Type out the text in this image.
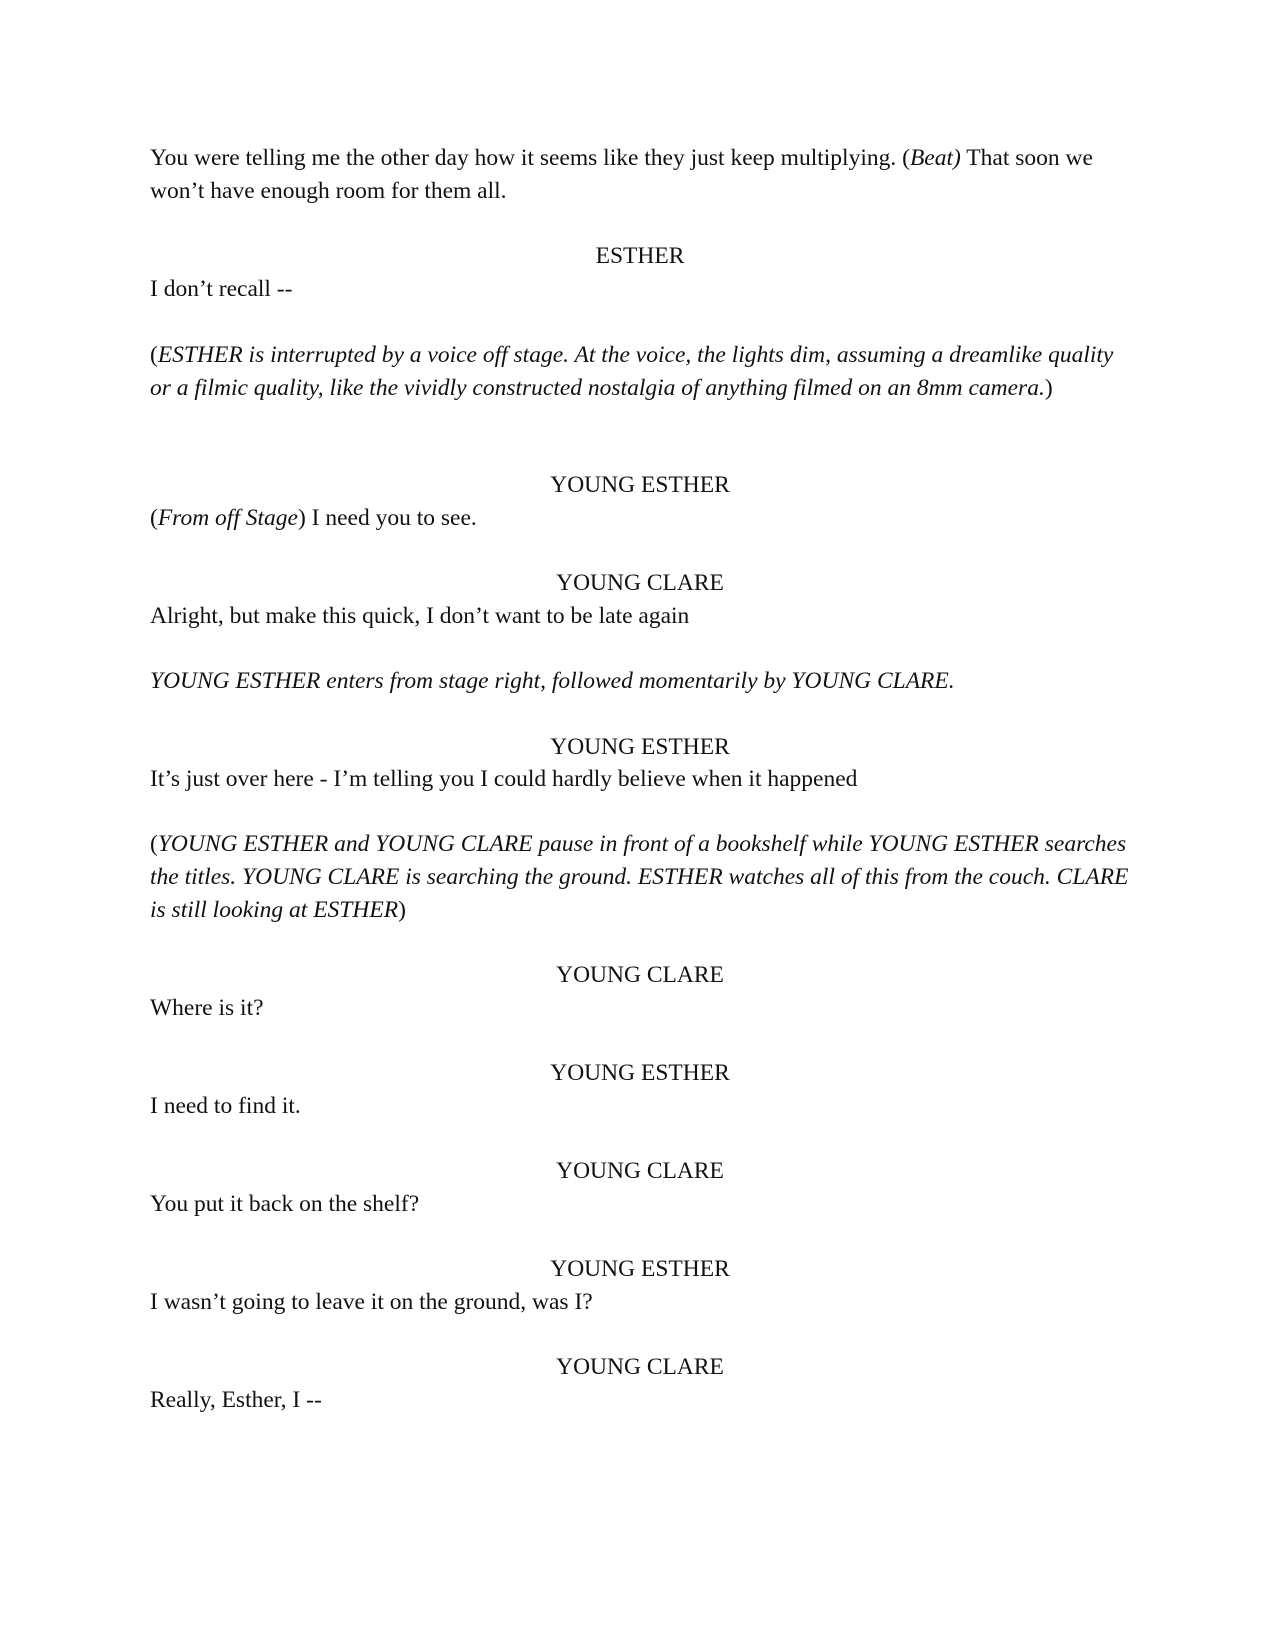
You were telling me the other day how it seems like they just keep multiplying. (Beat) That soon we won’t have enough room for them all.

ESTHER

I don’t recall --

(ESTHER is interrupted by a voice off stage. At the voice, the lights dim, assuming a dreamlike quality or a filmic quality, like the vividly constructed nostalgia of anything filmed on an 8mm camera.)

YOUNG ESTHER

(From off Stage) I need you to see.

YOUNG CLARE

Alright, but make this quick, I don’t want to be late again

YOUNG ESTHER enters from stage right, followed momentarily by YOUNG CLARE.

YOUNG ESTHER

It’s just over here - I’m telling you I could hardly believe when it happened

(YOUNG ESTHER and YOUNG CLARE pause in front of a bookshelf while YOUNG ESTHER searches the titles. YOUNG CLARE is searching the ground. ESTHER watches all of this from the couch. CLARE is still looking at ESTHER)

YOUNG CLARE

Where is it?

YOUNG ESTHER

I need to find it.

YOUNG CLARE

You put it back on the shelf?

YOUNG ESTHER

I wasn’t going to leave it on the ground, was I?

YOUNG CLARE

Really, Esther, I --
